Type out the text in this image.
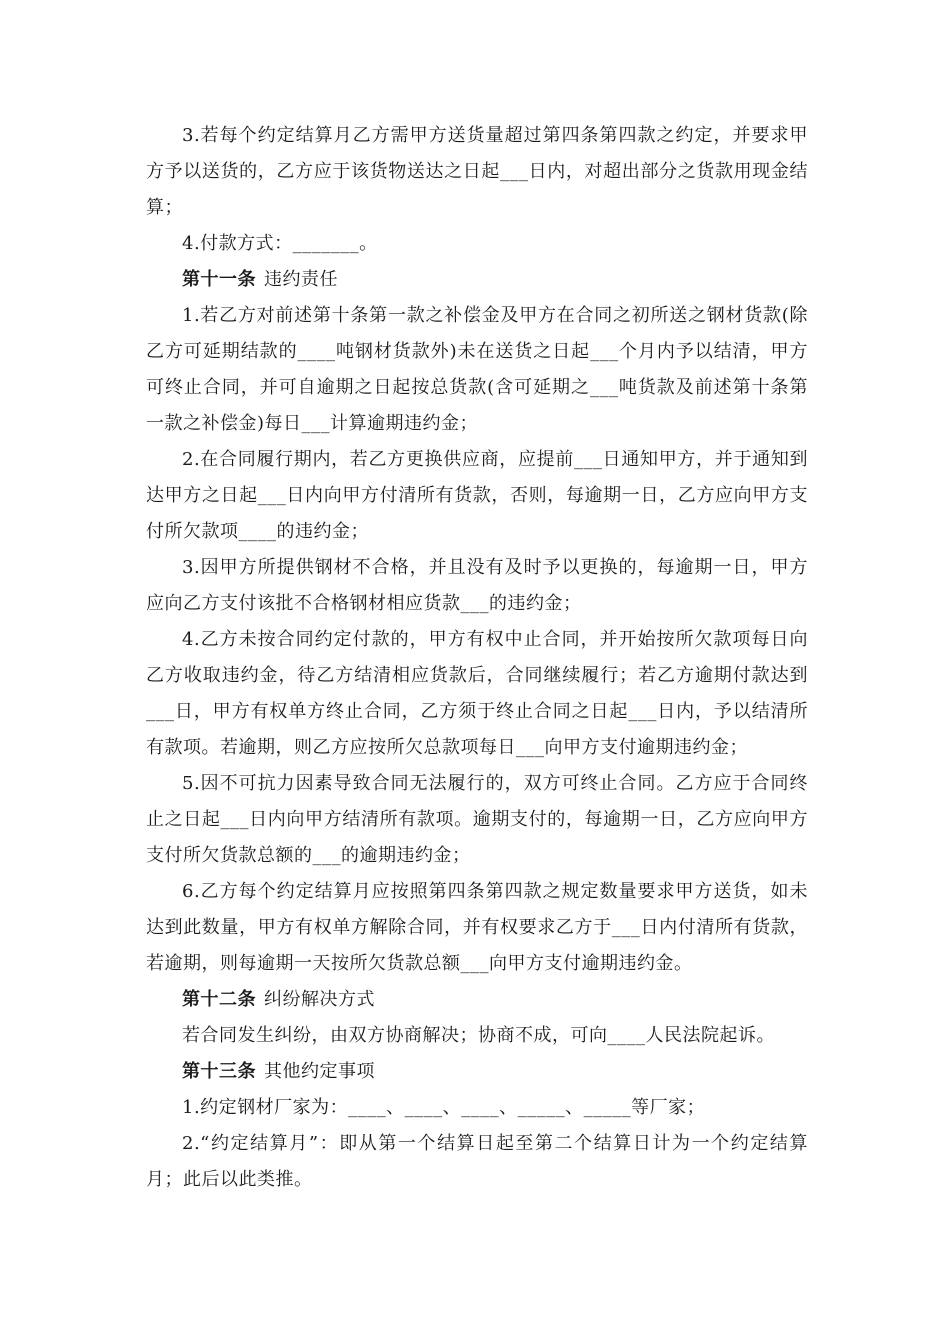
3.若每个约定结算月乙方需甲方送货量超过第四条第四款之约定，并要求甲方予以送货的，乙方应于该货物送达之日起___日内，对超出部分之货款用现金结算；

4.付款方式：_______。

第十一条 违约责任

1.若乙方对前述第十条第一款之补偿金及甲方在合同之初所送之钢材货款(除乙方可延期结款的____吨钢材货款外)未在送货之日起___个月内予以结清，甲方可终止合同，并可自逾期之日起按总货款(含可延期之___吨货款及前述第十条第一款之补偿金)每日___计算逾期违约金；

2.在合同履行期内，若乙方更换供应商，应提前___日通知甲方，并于通知到达甲方之日起___日内向甲方付清所有货款，否则，每逾期一日，乙方应向甲方支付所欠款项____的违约金；

3.因甲方所提供钢材不合格，并且没有及时予以更换的，每逾期一日，甲方应向乙方支付该批不合格钢材相应货款___的违约金；

4.乙方未按合同约定付款的，甲方有权中止合同，并开始按所欠款项每日向乙方收取违约金，待乙方结清相应货款后，合同继续履行；若乙方逾期付款达到___日，甲方有权单方终止合同，乙方须于终止合同之日起___日内，予以结清所有款项。若逾期，则乙方应按所欠总款项每日___向甲方支付逾期违约金；

5.因不可抗力因素导致合同无法履行的，双方可终止合同。乙方应于合同终止之日起___日内向甲方结清所有款项。逾期支付的，每逾期一日，乙方应向甲方支付所欠货款总额的___的逾期违约金；

6.乙方每个约定结算月应按照第四条第四款之规定数量要求甲方送货，如未达到此数量，甲方有权单方解除合同，并有权要求乙方于___日内付清所有货款，若逾期，则每逾期一天按所欠货款总额___向甲方支付逾期违约金。

第十二条 纠纷解决方式

若合同发生纠纷，由双方协商解决；协商不成，可向____人民法院起诉。

第十三条 其他约定事项

1.约定钢材厂家为：____、____、____、_____、_____等厂家；

2.“约定结算月”：即从第一个结算日起至第二个结算日计为一个约定结算月；此后以此类推。
